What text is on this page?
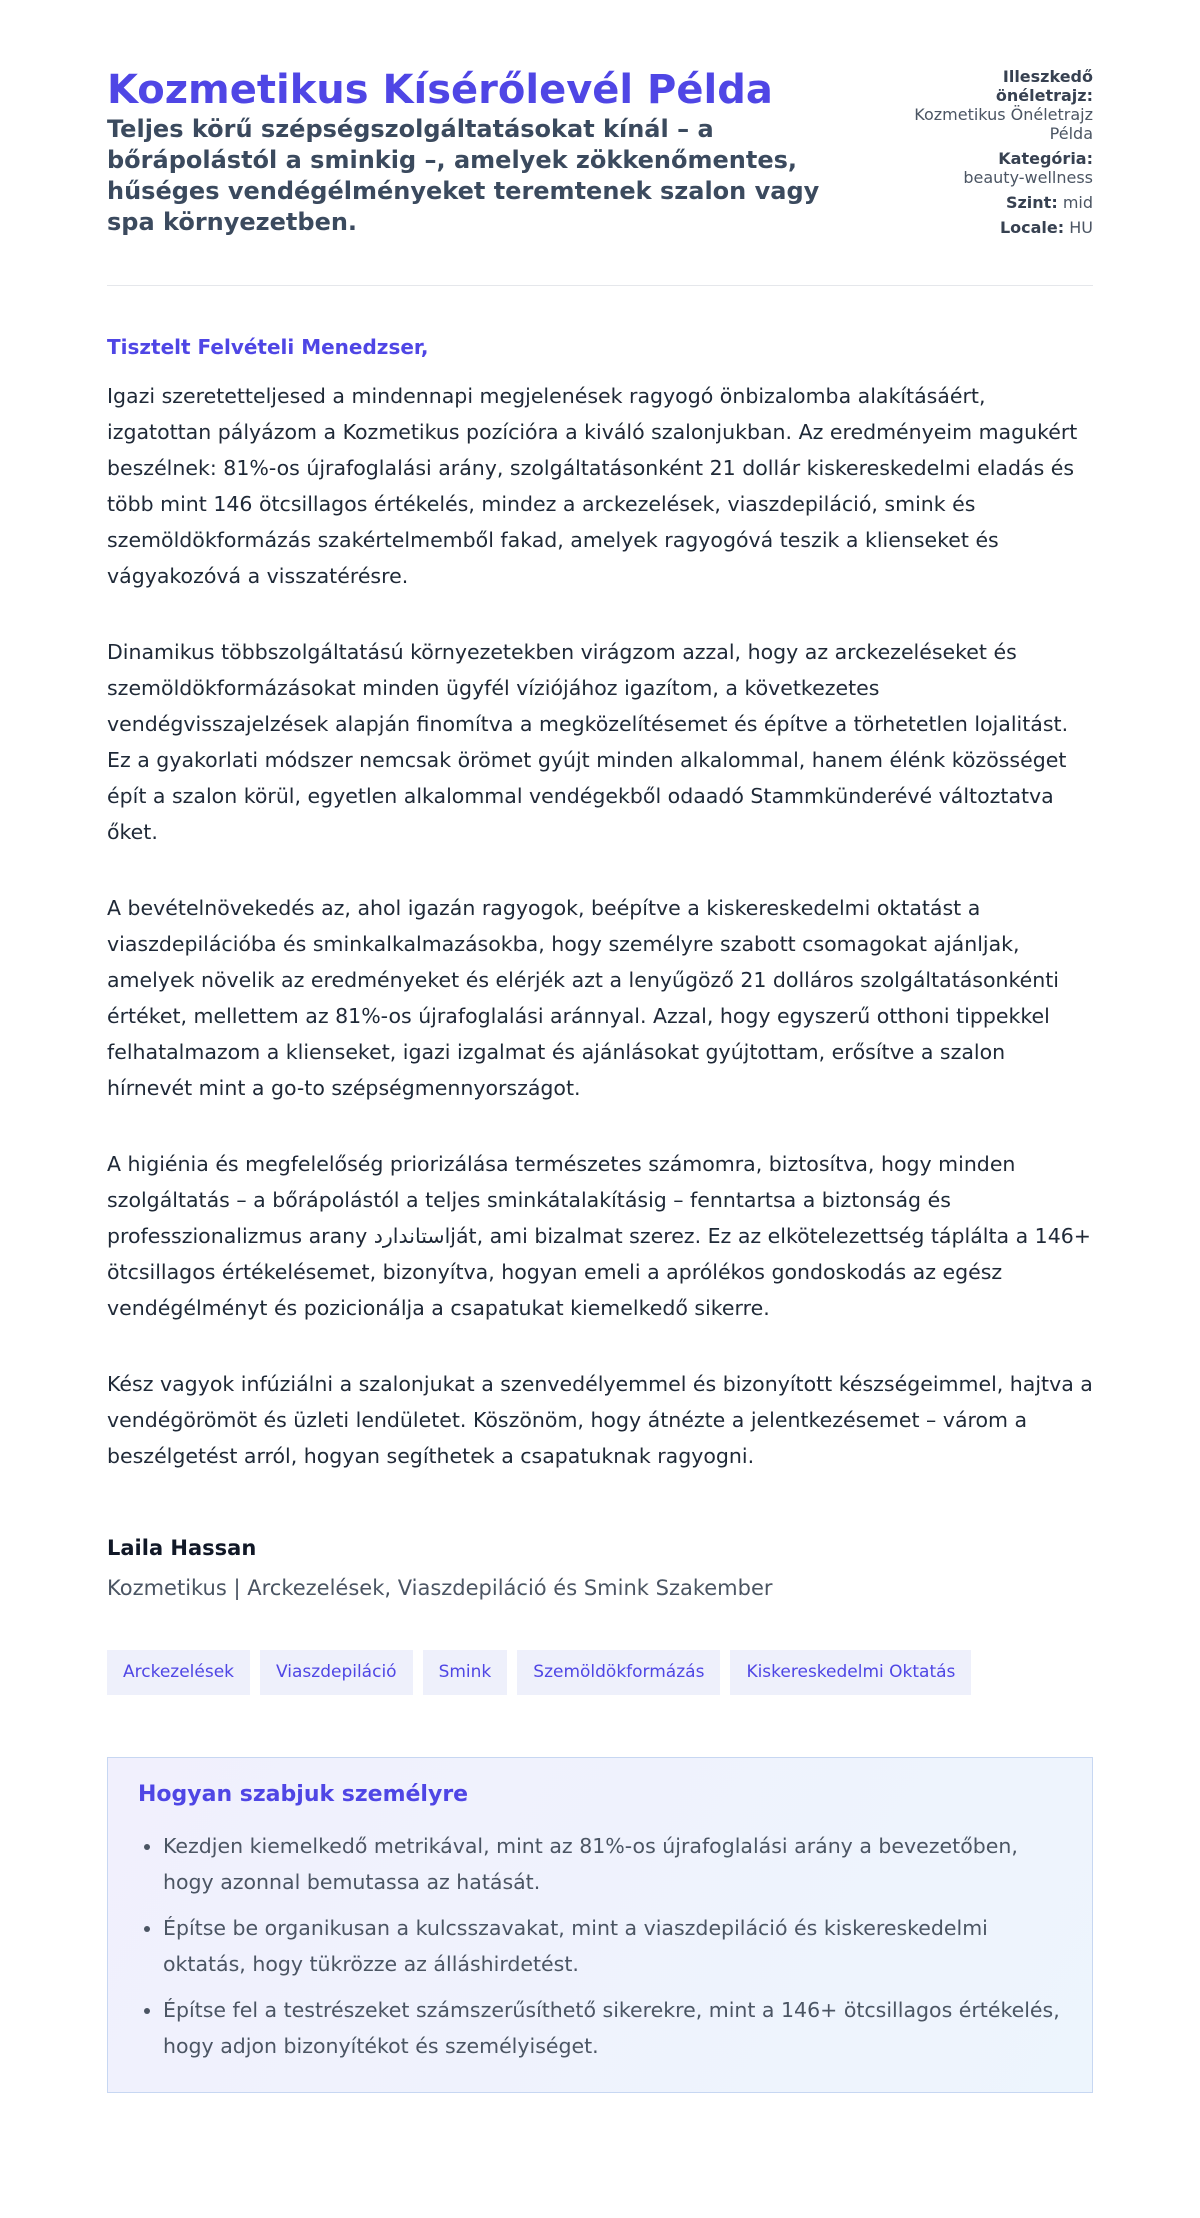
Kozmetikus Kísérőlevél Példa
Teljes körű szépségszolgáltatásokat kínál – a bőrápolástól a sminkig –, amelyek zökkenőmentes, hűséges vendégélményeket teremtenek szalon vagy spa környezetben.
Illeszkedő önéletrajz:
Kozmetikus Önéletrajz Példa
Kategória:
beauty-wellness
Szint: mid
Locale: HU

Tisztelt Felvételi Menedzser,

Igazi szeretetteljesed a mindennapi megjelenések ragyogó önbizalomba alakításáért, izgatottan pályázom a Kozmetikus pozícióra a kiváló szalonjukban. Az eredményeim magukért beszélnek: 81%-os újrafoglalási arány, szolgáltatásonként 21 dollár kiskereskedelmi eladás és több mint 146 ötcsillagos értékelés, mindez a arckezelések, viaszdepiláció, smink és szemöldökformázás szakértelmemből fakad, amelyek ragyogóvá teszik a klienseket és vágyakozóvá a visszatérésre.

Dinamikus többszolgáltatású környezetekben virágzom azzal, hogy az arckezeléseket és szemöldökformázásokat minden ügyfél víziójához igazítom, a következetes vendégvisszajelzések alapján finomítva a megközelítésemet és építve a törhetetlen lojalitást. Ez a gyakorlati módszer nemcsak örömet gyújt minden alkalommal, hanem élénk közösséget épít a szalon körül, egyetlen alkalommal vendégekből odaadó Stammkünderévé változtatva őket.

A bevételnövekedés az, ahol igazán ragyogok, beépítve a kiskereskedelmi oktatást a viaszdepilációba és sminkalkalmazásokba, hogy személyre szabott csomagokat ajánljak, amelyek növelik az eredményeket és elérjék azt a lenyűgöző 21 dolláros szolgáltatásonkénti értéket, mellettem az 81%-os újrafoglalási aránnyal. Azzal, hogy egyszerű otthoni tippekkel felhatalmazom a klienseket, igazi izgalmat és ajánlásokat gyújtottam, erősítve a szalon hírnevét mint a go-to szépségmennyországot.

A higiénia és megfelelőség priorizálása természetes számomra, biztosítva, hogy minden szolgáltatás – a bőrápolástól a teljes sminkátalakításig – fenntartsa a biztonság és professzionalizmus arany استانداردját, ami bizalmat szerez. Ez az elkötelezettség táplálta a 146+ ötcsillagos értékelésemet, bizonyítva, hogyan emeli a aprólékos gondoskodás az egész vendégélményt és pozicionálja a csapatukat kiemelkedő sikerre.

Kész vagyok infúziálni a szalonjukat a szenvedélyemmel és bizonyított készségeimmel, hajtva a vendégörömöt és üzleti lendületet. Köszönöm, hogy átnézte a jelentkezésemet – várom a beszélgetést arról, hogyan segíthetek a csapatuknak ragyogni.

Laila Hassan
Kozmetikus | Arckezelések, Viaszdepiláció és Smink Szakember
Arckezelések	Viaszdepiláció	Smink	Szemöldökformázás	Kiskereskedelmi Oktatás
Hogyan szabjuk személyre
• Kezdjen kiemelkedő metrikával, mint az 81%-os újrafoglalási arány a bevezetőben, hogy azonnal bemutassa az hatását.
• Építse be organikusan a kulcsszavakat, mint a viaszdepiláció és kiskereskedelmi oktatás, hogy tükrözze az álláshirdetést.
• Építse fel a testrészeket számszerűsíthető sikerekre, mint a 146+ ötcsillagos értékelés, hogy adjon bizonyítékot és személyiséget.
